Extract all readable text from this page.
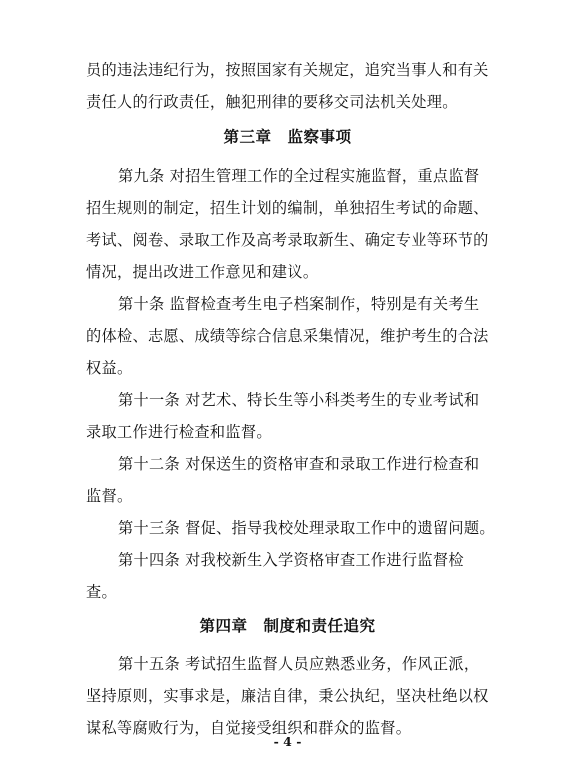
员的违法违纪行为，按照国家有关规定，追究当事人和有关
责任人的行政责任，触犯刑律的要移交司法机关处理。
第三章　监察事项
第九条 对招生管理工作的全过程实施监督，重点监督
招生规则的制定，招生计划的编制，单独招生考试的命题、
考试、阅卷、录取工作及高考录取新生、确定专业等环节的
情况，提出改进工作意见和建议。
第十条 监督检查考生电子档案制作，特别是有关考生
的体检、志愿、成绩等综合信息采集情况，维护考生的合法
权益。
第十一条 对艺术、特长生等小科类考生的专业考试和
录取工作进行检查和监督。
第十二条 对保送生的资格审查和录取工作进行检查和
监督。
第十三条 督促、指导我校处理录取工作中的遗留问题。
第十四条 对我校新生入学资格审查工作进行监督检
查。
第四章　制度和责任追究
第十五条 考试招生监督人员应熟悉业务，作风正派，
坚持原则，实事求是，廉洁自律，秉公执纪，坚决杜绝以权
谋私等腐败行为，自觉接受组织和群众的监督。
- 4 -
